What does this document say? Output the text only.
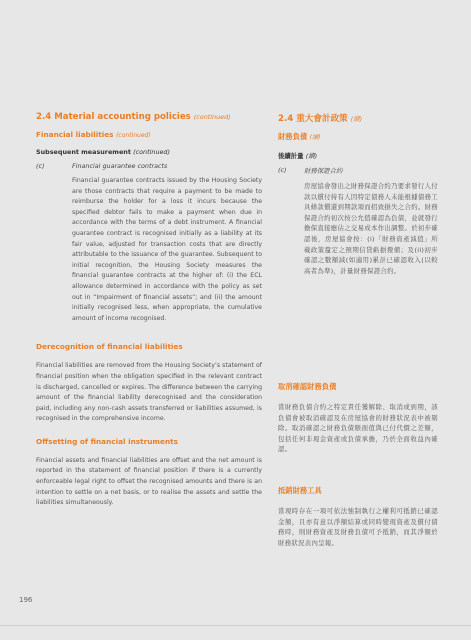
2.4 Material accounting policies (continued)
Financial liabilities (continued)
Subsequent measurement (continued)
(c)	Financial guarantee contracts

Financial guarantee contracts issued by the Housing Society are those contracts that require a payment to be made to reimburse the holder for a loss it incurs because the specified debtor fails to make a payment when due in accordance with the terms of a debt instrument. A financial guarantee contract is recognised initially as a liability at its fair value, adjusted for transaction costs that are directly attributable to the issuance of the guarantee. Subsequent to initial recognition, the Housing Society measures the financial guarantee contracts at the higher of: (i) the ECL allowance determined in accordance with the policy as set out in “Impairment of financial assets”; and (ii) the amount initially recognised less, when appropriate, the cumulative amount of income recognised.

Derecognition of financial liabilities

Financial liabilities are removed from the Housing Society’s statement of financial position when the obligation specified in the relevant contract is discharged, cancelled or expires. The difference between the carrying amount of the financial liability derecognised and the consideration paid, including any non-cash assets transferred or liabilities assumed, is recognised in the comprehensive income.

Offsetting of financial instruments

Financial assets and financial liabilities are offset and the net amount is reported in the statement of financial position if there is a currently enforceable legal right to offset the recognised amounts and there is an intention to settle on a net basis, or to realise the assets and settle the liabilities simultaneously.

2.4 重大會計政策 (續)
財務負債 (續)
後續計量 (續)
(c)	財務保證合約

房屋協會發出之財務保證合約乃要求發行人付款以償付持有人因特定債務人未能根據債務工具條款償還到期款項而招致損失之合約。財務保證合約初次按公允值確認為負債，並就發行擔保直接應佔之交易成本作出調整。於初步確認後，房屋協會按：(i)「財務資產減值」所載政策釐定之預期信貸虧損撥備；及(ii)初步確認之數額減(如適用)累計已確認收入(以較高者為準)，計量財務保證合約。

取消確認財務負債

當財務負債合約之特定責任獲解除、取消或到期，該負債會被取消確認及在房屋協會的財務狀況表中被剔除。取消確認之財務負債賬面值與已付代價之差額，包括任何非現金資產或負債承擔，乃於全面收益內確認。

抵銷財務工具

當現時存在一項可依法強制執行之權利可抵銷已確認金額，且亦有意以淨額結算或同時變現資產及償付債務時，則財務資產及財務負債可予抵銷，而其淨額於財務狀況表內呈報。

196
